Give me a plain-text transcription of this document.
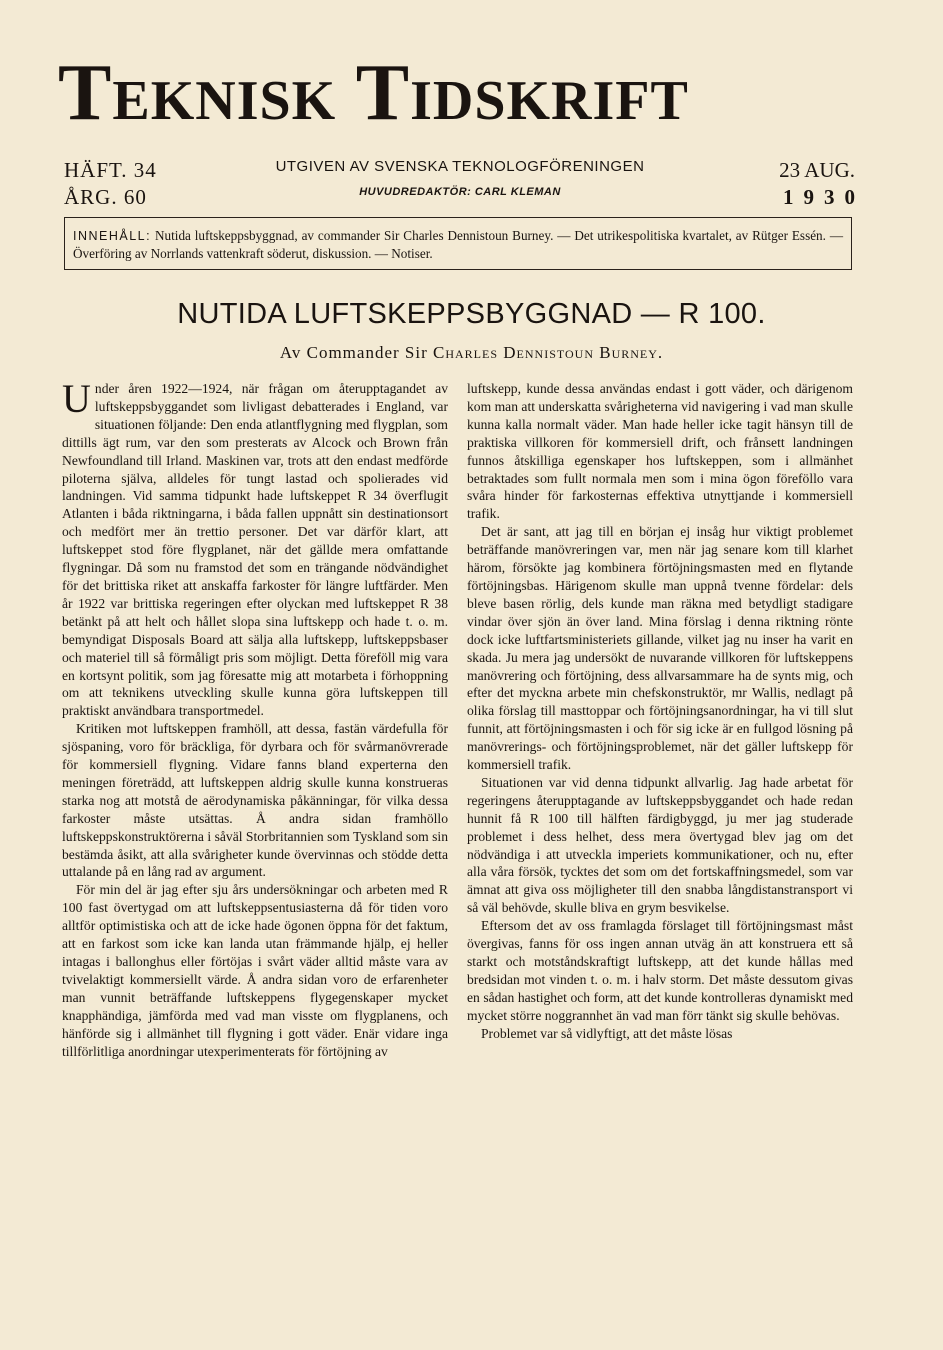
Teknisk Tidskrift
HÄFT. 34
ÅRG. 60
UTGIVEN AV SVENSKA TEKNOLOGFÖRENINGEN
HUVUDREDAKTÖR: CARL KLEMAN
23 AUG.
1930
INNEHÅLL: Nutida luftskeppsbyggnad, av commander Sir Charles Dennistoun Burney. — Det utrikespolitiska kvartalet, av Rütger Essén. — Överföring av Norrlands vattenkraft söderut, diskussion. — Notiser.
NUTIDA LUFTSKEPPSBYGGNAD — R 100.
Av Commander Sir Charles Dennistoun Burney.

Under åren 1922—1924, när frågan om återupptagandet av luftskeppsbyggandet som livligast debatterades i England, var situationen följande: Den enda atlantflygning med flygplan, som dittills ägt rum, var den som presterats av Alcock och Brown från Newfoundland till Irland. Maskinen var, trots att den endast medförde piloterna själva, alldeles för tungt lastad och spolierades vid landningen. Vid samma tidpunkt hade luftskeppet R 34 överflugit Atlanten i båda riktningarna, i båda fallen uppnått sin destinationsort och medfört mer än trettio personer. Det var därför klart, att luftskeppet stod före flygplanet, när det gällde mera omfattande flygningar. Då som nu framstod det som en trängande nödvändighet för det brittiska riket att anskaffa farkoster för längre luftfärder. Men år 1922 var brittiska regeringen efter olyckan med luftskeppet R 38 betänkt på att helt och hållet slopa sina luftskepp och hade t. o. m. bemyndigat Disposals Board att sälja alla luftskepp, luftskeppsbaser och materiel till så förmåligt pris som möjligt. Detta föreföll mig vara en kortsynt politik, som jag föresatte mig att motarbeta i förhoppning om att teknikens utveckling skulle kunna göra luftskeppen till praktiskt användbara transportmedel.

Kritiken mot luftskeppen framhöll, att dessa, fastän värdefulla för sjöspaning, voro för bräckliga, för dyrbara och för svårmanövrerade för kommersiell flygning. Vidare fanns bland experterna den meningen företrädd, att luftskeppen aldrig skulle kunna konstrueras starka nog att motstå de aërodynamiska påkänningar, för vilka dessa farkoster måste utsättas. Å andra sidan framhöllo luftskeppskonstruktörerna i såväl Storbritannien som Tyskland som sin bestämda åsikt, att alla svårigheter kunde övervinnas och stödde detta uttalande på en lång rad av argument.

För min del är jag efter sju års undersökningar och arbeten med R 100 fast övertygad om att luftskeppsentusiasterna då för tiden voro alltför optimistiska och att de icke hade ögonen öppna för det faktum, att en farkost som icke kan landa utan främmande hjälp, ej heller intagas i ballonghus eller förtöjas i svårt väder alltid måste vara av tvivelaktigt kommersiellt värde. Å andra sidan voro de erfarenheter man vunnit beträffande luftskeppens flygegenskaper mycket knapphändiga, jämförda med vad man visste om flygplanens, och hänförde sig i allmänhet till flygning i gott väder. Enär vidare inga tillförlitliga anordningar utexperimenterats för förtöjning av

luftskepp, kunde dessa användas endast i gott väder, och därigenom kom man att underskatta svårigheterna vid navigering i vad man skulle kunna kalla normalt väder. Man hade heller icke tagit hänsyn till de praktiska villkoren för kommersiell drift, och frånsett landningen funnos åtskilliga egenskaper hos luftskeppen, som i allmänhet betraktades som fullt normala men som i mina ögon föreföllo vara svåra hinder för farkosternas effektiva utnyttjande i kommersiell trafik.

Det är sant, att jag till en början ej insåg hur viktigt problemet beträffande manövreringen var, men när jag senare kom till klarhet härom, försökte jag kombinera förtöjningsmasten med en flytande förtöjningsbas. Härigenom skulle man uppnå tvenne fördelar: dels bleve basen rörlig, dels kunde man räkna med betydligt stadigare vindar över sjön än över land. Mina förslag i denna riktning rönte dock icke luftfartsministeriets gillande, vilket jag nu inser ha varit en skada. Ju mera jag undersökt de nuvarande villkoren för luftskeppens manövrering och förtöjning, dess allvarsammare ha de synts mig, och efter det myckna arbete min chefskonstruktör, mr Wallis, nedlagt på olika förslag till masttoppar och förtöjningsanordningar, ha vi till slut funnit, att förtöjningsmasten i och för sig icke är en fullgod lösning på manövrerings- och förtöjningsproblemet, när det gäller luftskepp för kommersiell trafik.

Situationen var vid denna tidpunkt allvarlig. Jag hade arbetat för regeringens återupptagande av luftskeppsbyggandet och hade redan hunnit få R 100 till hälften färdigbyggd, ju mer jag studerade problemet i dess helhet, dess mera övertygad blev jag om det nödvändiga i att utveckla imperiets kommunikationer, och nu, efter alla våra försök, tycktes det som om det fortskaffningsmedel, som var ämnat att giva oss möjligheter till den snabba långdistanstransport vi så väl behövde, skulle bliva en grym besvikelse.

Eftersom det av oss framlagda förslaget till förtöjningsmast måst övergivas, fanns för oss ingen annan utväg än att konstruera ett så starkt och motståndskraftigt luftskepp, att det kunde hållas med bredsidan mot vinden t. o. m. i halv storm. Det måste dessutom givas en sådan hastighet och form, att det kunde kontrolleras dynamiskt med mycket större noggrannhet än vad man förr tänkt sig skulle behövas.

Problemet var så vidlyftigt, att det måste lösas
